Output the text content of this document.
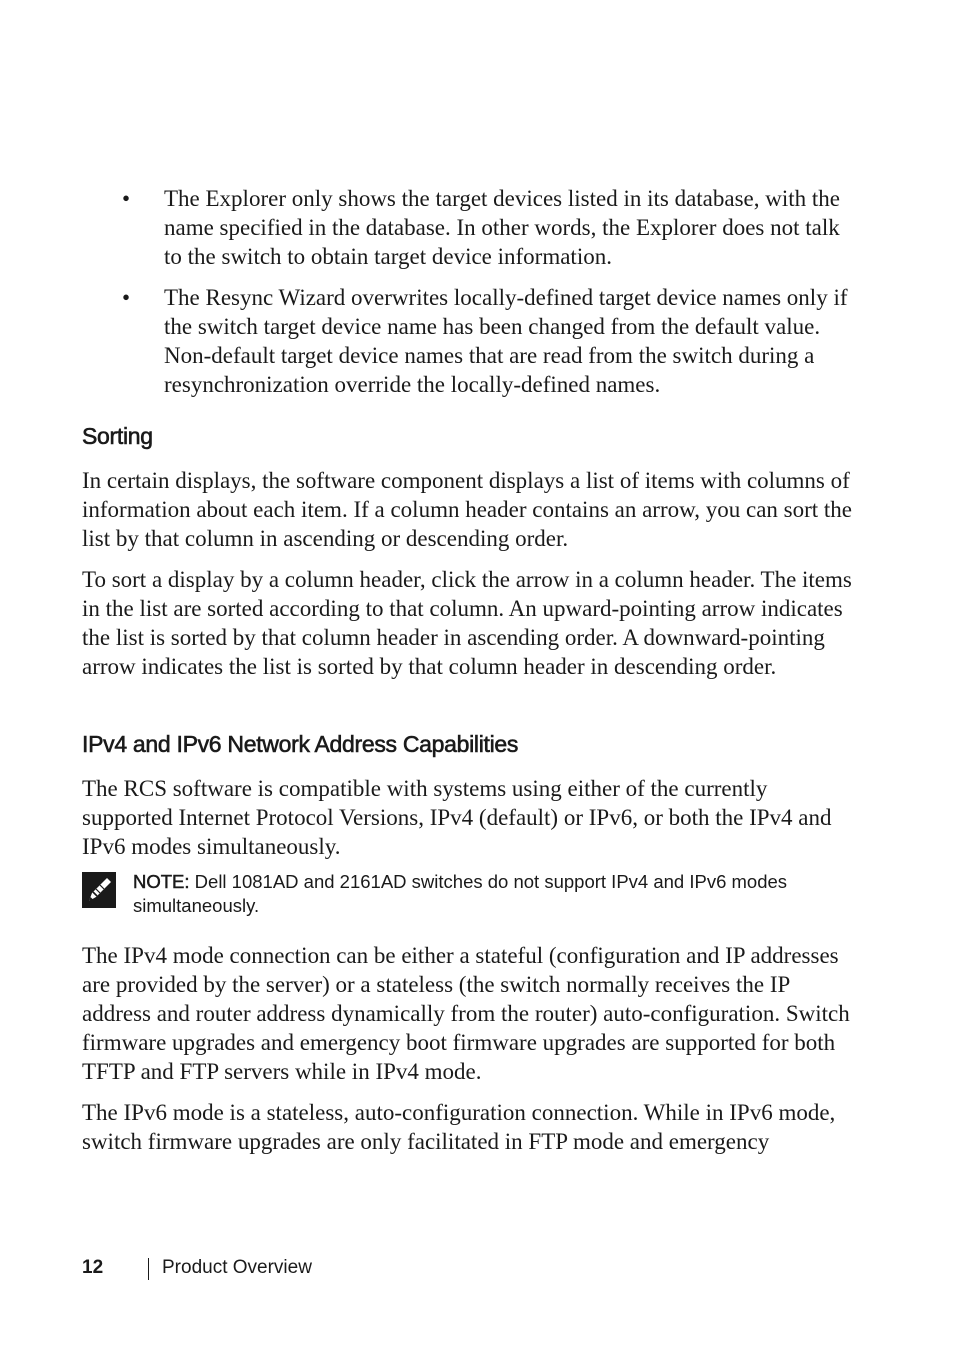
• The Explorer only shows the target devices listed in its database, with the name specified in the database. In other words, the Explorer does not talk to the switch to obtain target device information.
• The Resync Wizard overwrites locally-defined target device names only if the switch target device name has been changed from the default value. Non-default target device names that are read from the switch during a resynchronization override the locally-defined names.
Sorting

In certain displays, the software component displays a list of items with columns of information about each item. If a column header contains an arrow, you can sort the list by that column in ascending or descending order.

To sort a display by a column header, click the arrow in a column header. The items in the list are sorted according to that column. An upward-pointing arrow indicates the list is sorted by that column header in ascending order. A downward-pointing arrow indicates the list is sorted by that column header in descending order.

IPv4 and IPv6 Network Address Capabilities

The RCS software is compatible with systems using either of the currently supported Internet Protocol Versions, IPv4 (default) or IPv6, or both the IPv4 and IPv6 modes simultaneously.

NOTE: Dell 1081AD and 2161AD switches do not support IPv4 and IPv6 modes simultaneously.

The IPv4 mode connection can be either a stateful (configuration and IP addresses are provided by the server) or a stateless (the switch normally receives the IP address and router address dynamically from the router) auto-configuration. Switch firmware upgrades and emergency boot firmware upgrades are supported for both TFTP and FTP servers while in IPv4 mode.

The IPv6 mode is a stateless, auto-configuration connection. While in IPv6 mode, switch firmware upgrades are only facilitated in FTP mode and emergency

12	Product Overview
